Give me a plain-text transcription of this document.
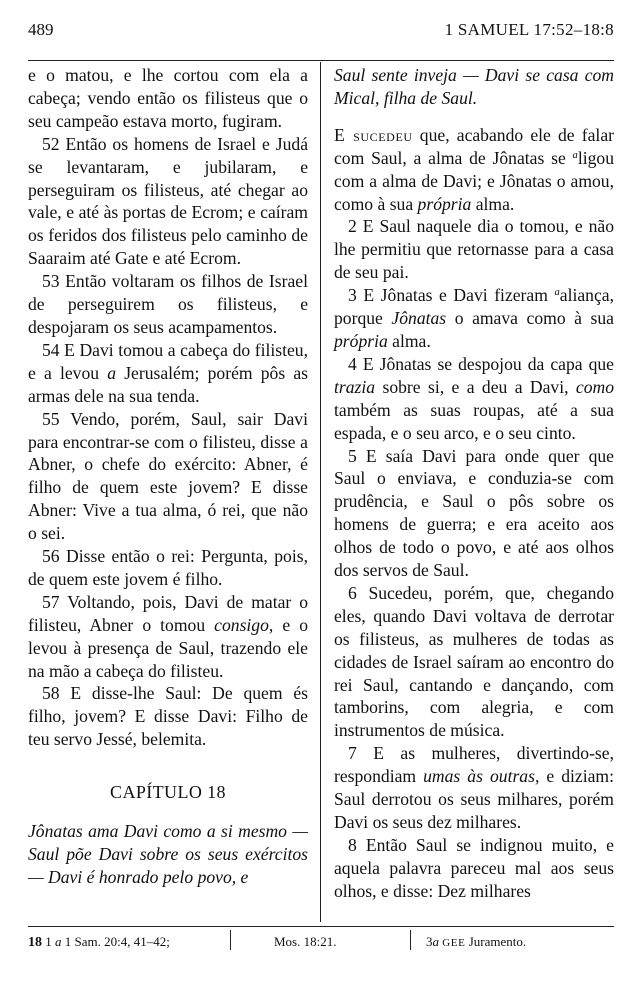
489	1 SAMUEL 17:52–18:8

e o matou, e lhe cortou com ela a cabeça; vendo então os filisteus que o seu campeão estava morto, fugiram.

52 Então os homens de Israel e Judá se levantaram, e jubilaram, e perseguiram os filisteus, até chegar ao vale, e até às portas de Ecrom; e caíram os feridos dos filisteus pelo caminho de Saaraim até Gate e até Ecrom.

53 Então voltaram os filhos de Israel de perseguirem os filisteus, e despojaram os seus acampamentos.

54 E Davi tomou a cabeça do filisteu, e a levou a Jerusalém; porém pôs as armas dele na sua tenda.

55 Vendo, porém, Saul, sair Davi para encontrar-se com o filisteu, disse a Abner, o chefe do exército: Abner, é filho de quem este jovem? E disse Abner: Vive a tua alma, ó rei, que não o sei.

56 Disse então o rei: Pergunta, pois, de quem este jovem é filho.

57 Voltando, pois, Davi de matar o filisteu, Abner o tomou consigo, e o levou à presença de Saul, trazendo ele na mão a cabeça do filisteu.

58 E disse-lhe Saul: De quem és filho, jovem? E disse Davi: Filho de teu servo Jessé, belemita.

CAPÍTULO 18

Jônatas ama Davi como a si mesmo — Saul põe Davi sobre os seus exércitos — Davi é honrado pelo povo, e

Saul sente inveja — Davi se casa com Mical, filha de Saul.

E sucedeu que, acabando ele de falar com Saul, a alma de Jônatas se $^a$ligou com a alma de Davi; e Jônatas o amou, como à sua própria alma.

2 E Saul naquele dia o tomou, e não lhe permitiu que retornasse para a casa de seu pai.

3 E Jônatas e Davi fizeram $^a$aliança, porque Jônatas o amava como à sua própria alma.

4 E Jônatas se despojou da capa que trazia sobre si, e a deu a Davi, como também as suas roupas, até a sua espada, e o seu arco, e o seu cinto.

5 E saía Davi para onde quer que Saul o enviava, e conduzia-se com prudência, e Saul o pôs sobre os homens de guerra; e era aceito aos olhos de todo o povo, e até aos olhos dos servos de Saul.

6 Sucedeu, porém, que, chegando eles, quando Davi voltava de derrotar os filisteus, as mulheres de todas as cidades de Israel saíram ao encontro do rei Saul, cantando e dançando, com tamborins, com alegria, e com instrumentos de música.

7 E as mulheres, divertindo-se, respondiam umas às outras, e diziam: Saul derrotou os seus milhares, porém Davi os seus dez milhares.

8 Então Saul se indignou muito, e aquela palavra pareceu mal aos seus olhos, e disse: Dez milhares

18 1 a 1 Sam. 20:4, 41–42;	Mos. 18:21.	3a GEE Juramento.
